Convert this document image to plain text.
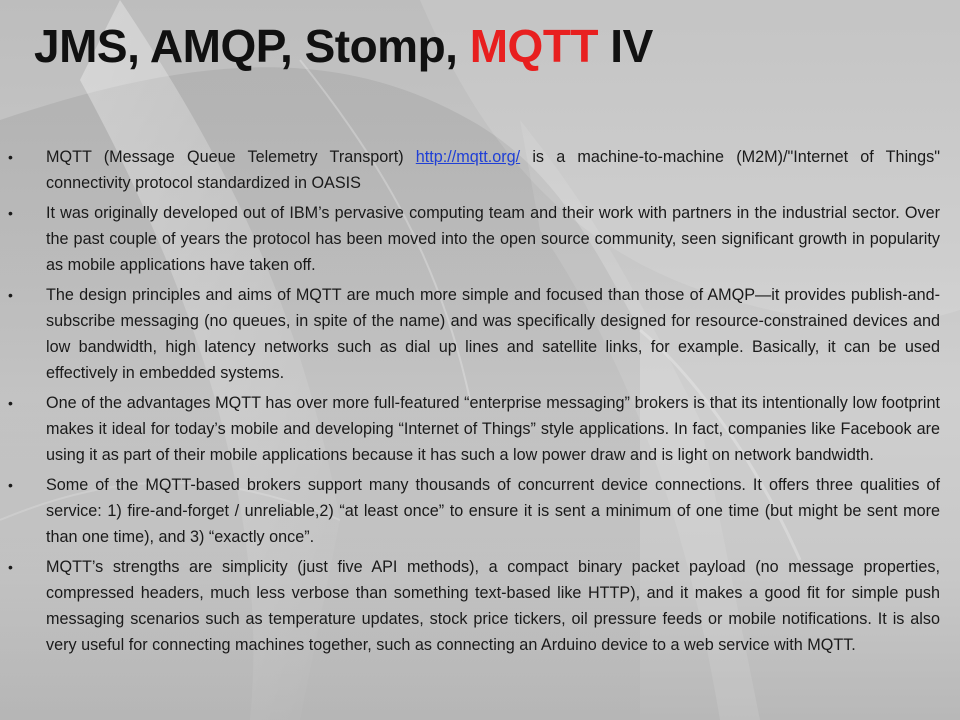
JMS, AMQP, Stomp, MQTT IV
•	MQTT (Message Queue Telemetry Transport) http://mqtt.org/ is a machine-to-machine (M2M)/"Internet of Things" connectivity protocol standardized in OASIS
•	It was originally developed out of IBM’s pervasive computing team and their work with partners in the industrial sector. Over the past couple of years the protocol has been moved into the open source community, seen significant growth in popularity as mobile applications have taken off.
•	The design principles and aims of MQTT are much more simple and focused than those of AMQP—it provides publish-and-subscribe messaging (no queues, in spite of the name) and was specifically designed for resource-constrained devices and low bandwidth, high latency networks such as dial up lines and satellite links, for example. Basically, it can be used effectively in embedded systems.
•	One of the advantages MQTT has over more full-featured “enterprise messaging” brokers is that its intentionally low footprint makes it ideal for today’s mobile and developing “Internet of Things” style applications. In fact, companies like Facebook are using it as part of their mobile applications because it has such a low power draw and is light on network bandwidth.
•	Some of the MQTT-based brokers support many thousands of concurrent device connections. It offers three qualities of service: 1) fire-and-forget / unreliable,2) “at least once” to ensure it is sent a minimum of one time (but might be sent more than one time), and 3) “exactly once”.
•	MQTT’s strengths are simplicity (just five API methods), a compact binary packet payload (no message properties, compressed headers, much less verbose than something text-based like HTTP), and it makes a good fit for simple push messaging scenarios such as temperature updates, stock price tickers, oil pressure feeds or mobile notifications. It is also very useful for connecting machines together, such as connecting an Arduino device to a web service with MQTT.
